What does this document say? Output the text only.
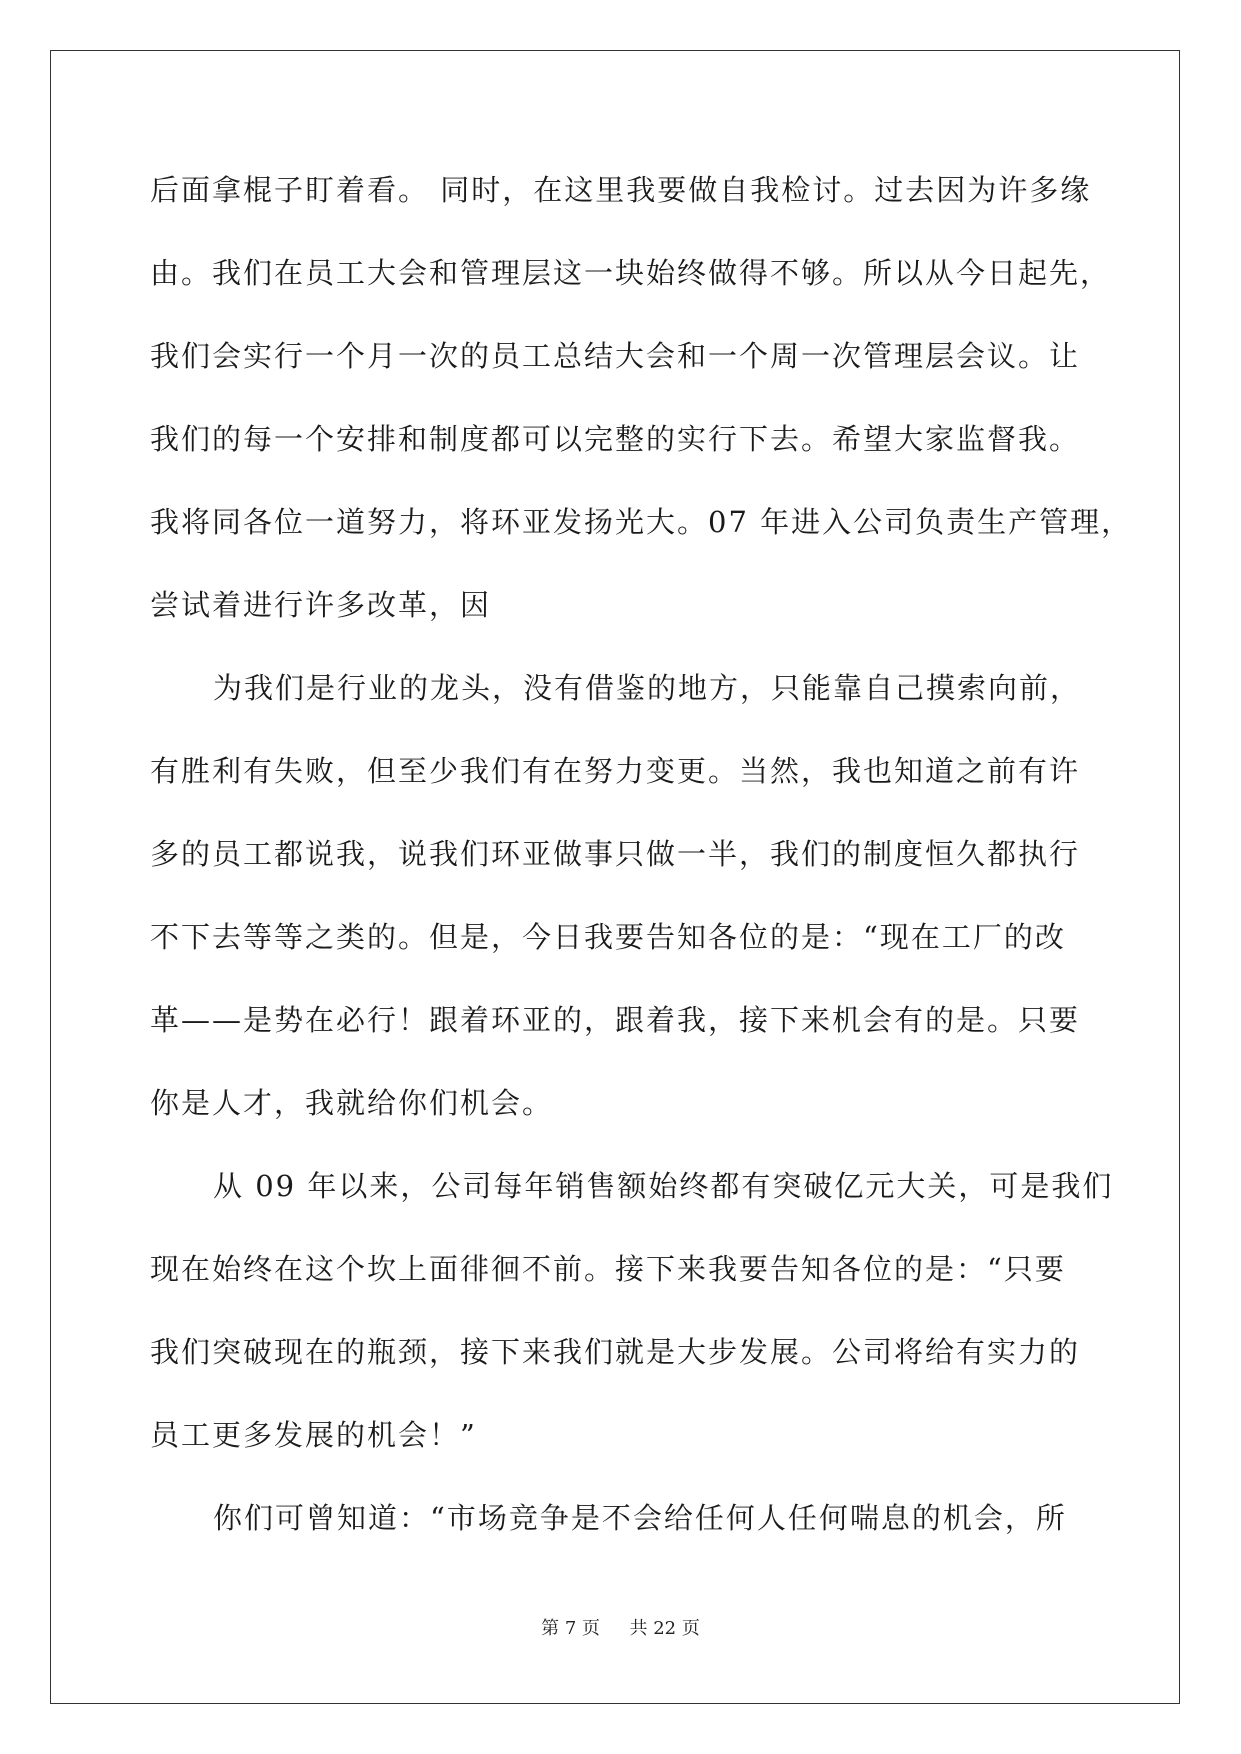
后面拿棍子盯着看。 同时，在这里我要做自我检讨。过去因为许多缘
由。我们在员工大会和管理层这一块始终做得不够。所以从今日起先，
我们会实行一个月一次的员工总结大会和一个周一次管理层会议。让
我们的每一个安排和制度都可以完整的实行下去。希望大家监督我。
我将同各位一道努力，将环亚发扬光大。07 年进入公司负责生产管理，
尝试着进行许多改革，因
为我们是行业的龙头，没有借鉴的地方，只能靠自己摸索向前，
有胜利有失败，但至少我们有在努力变更。当然，我也知道之前有许
多的员工都说我，说我们环亚做事只做一半，我们的制度恒久都执行
不下去等等之类的。但是，今日我要告知各位的是：“现在工厂的改
革——是势在必行！跟着环亚的，跟着我，接下来机会有的是。只要
你是人才，我就给你们机会。
从 09 年以来，公司每年销售额始终都有突破亿元大关，可是我们
现在始终在这个坎上面徘徊不前。接下来我要告知各位的是：“只要
我们突破现在的瓶颈，接下来我们就是大步发展。公司将给有实力的
员工更多发展的机会！”
你们可曾知道：“市场竞争是不会给任何人任何喘息的机会，所
第 7 页 共 22 页
